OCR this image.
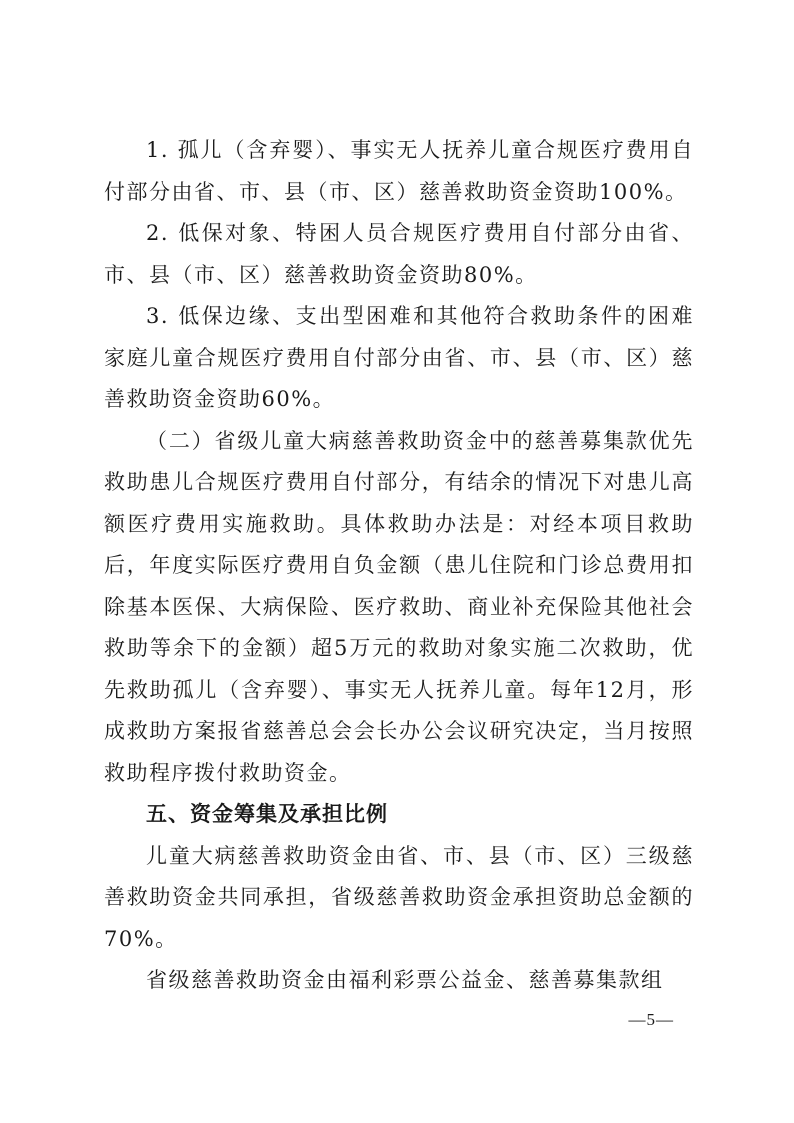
1. 孤儿（含弃婴）、事实无人抚养儿童合规医疗费用自付部分由省、市、县（市、区）慈善救助资金资助100%。

2. 低保对象、特困人员合规医疗费用自付部分由省、市、县（市、区）慈善救助资金资助80%。

3. 低保边缘、支出型困难和其他符合救助条件的困难家庭儿童合规医疗费用自付部分由省、市、县（市、区）慈善救助资金资助60%。

（二）省级儿童大病慈善救助资金中的慈善募集款优先救助患儿合规医疗费用自付部分，有结余的情况下对患儿高额医疗费用实施救助。具体救助办法是：对经本项目救助后，年度实际医疗费用自负金额（患儿住院和门诊总费用扣除基本医保、大病保险、医疗救助、商业补充保险其他社会救助等余下的金额）超5万元的救助对象实施二次救助，优先救助孤儿（含弃婴）、事实无人抚养儿童。每年12月，形成救助方案报省慈善总会会长办公会议研究决定，当月按照救助程序拨付救助资金。

五、资金筹集及承担比例

儿童大病慈善救助资金由省、市、县（市、区）三级慈善救助资金共同承担，省级慈善救助资金承担资助总金额的70%。

省级慈善救助资金由福利彩票公益金、慈善募集款组

—5—
